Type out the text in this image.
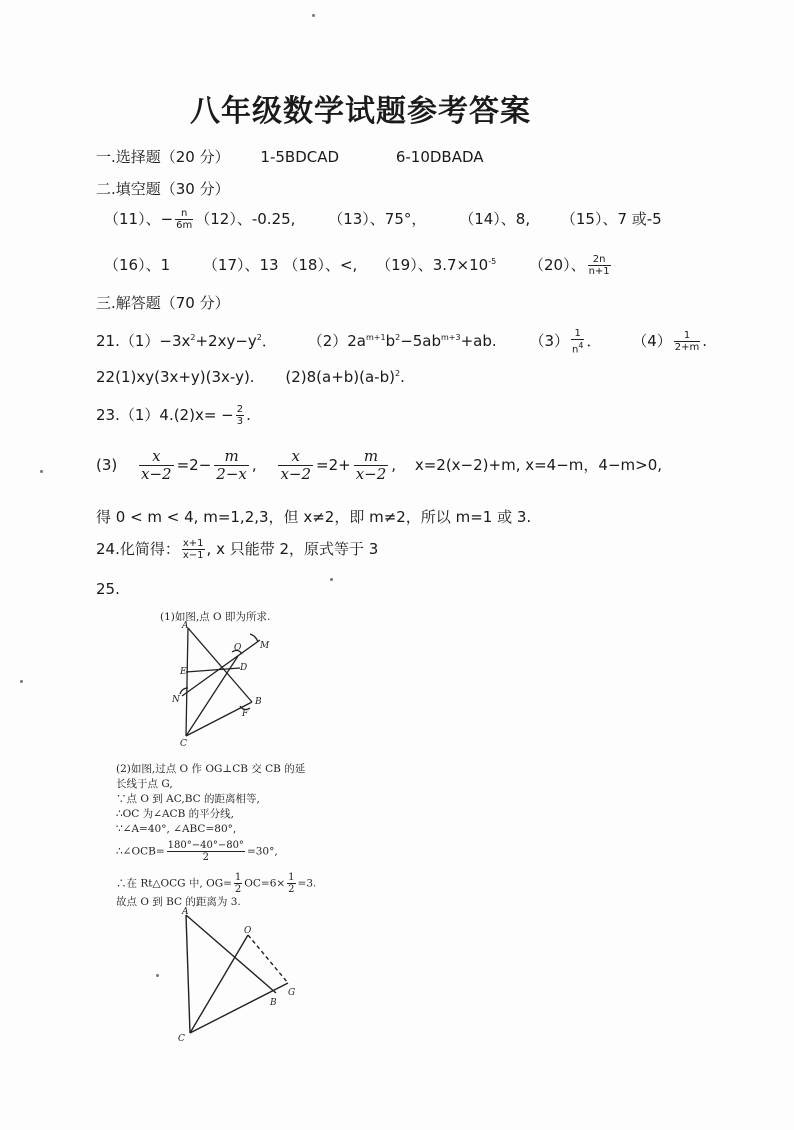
八年级数学试题参考答案
一.选择题（20 分） 1-5BDCAD	6-10DBADA
二.填空题（30 分）
（11）、− $\frac{n}{6m} (12)$、-0.25, （13）、75°， （14）、8, （15）、7 或-5
（16）、1 （17）、13 （18）、<, （19）、$3.7\times 10^{-5}$ （20）、 $\frac{2n}{n+1}$
三.解答题（70 分）
$21.(1)-3x^2+2xy-y^2$． $(2)2a^{m+1}b^2-5ab^{m+3}+ab$. $(3) \frac{1}{n^4}$ ． $(4) \frac{1}{2+m}$ .
22(1)xy(3x+y)(3x-y). $(2)8(a+b)(a-b)^2$.
$23.(1)4.(2)x= - \frac{2}{3}$ .
$(3) \frac{x}{x-2} =2- \frac{m}{2-x}$ , $\frac{x}{x-2} =2+ \frac{m}{x-2}$ , x=2(x−2)+m, x=4−m，4−m>0,
得 0 < m < 4, m=1,2,3，但 x≠2，即 m≠2，所以 m=1 或 3.
24.化简得： $\frac{x+1}{x-1}$ , x 只能带 2，原式等于 3
25.
(1)如图,点 O 即为所求.
A
B
C
D
E
F
M
N
O
(2)如图,过点 O 作 OG⊥CB 交 CB 的延
长线于点 G,
∵点 O 到 AC,BC 的距离相等,
∴OC 为∠ACB 的平分线,
∵∠A=40°, ∠ABC=80°,
∴∠OCB= $\frac{180^\circ-40^\circ-80^\circ}{2} =30^\circ$,
∴在 Rt△OCG 中, $OG= \frac{1}{2} OC=6\times \frac{1}{2} =3$.
故点 O 到 BC 的距离为 3.
A
O
B
G
C
